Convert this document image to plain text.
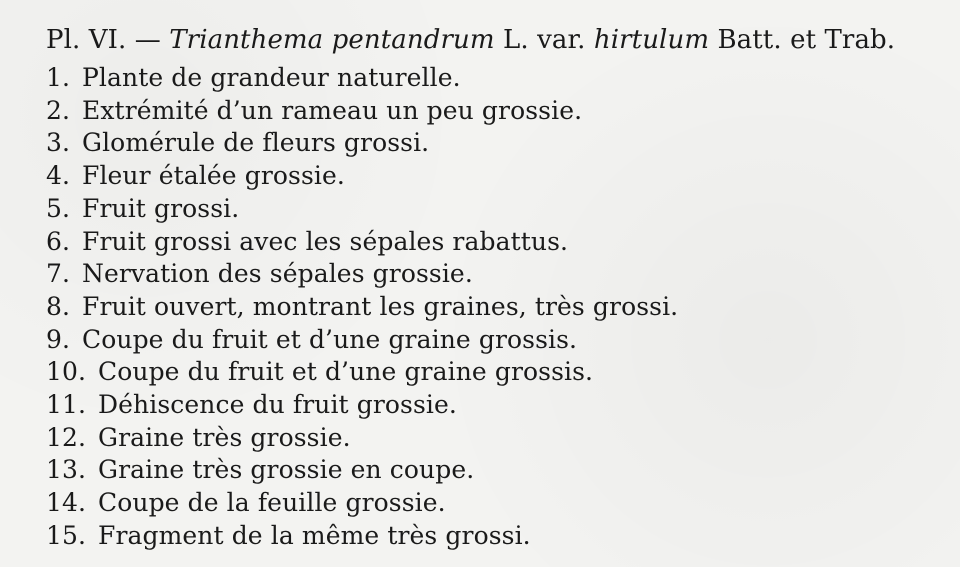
Pl. VI. — Trianthema pentandrum L. var. hirtulum Batt. et Trab.
1. Plante de grandeur naturelle.
2. Extrémité d’un rameau un peu grossie.
3. Glomérule de fleurs grossi.
4. Fleur étalée grossie.
5. Fruit grossi.
6. Fruit grossi avec les sépales rabattus.
7. Nervation des sépales grossie.
8. Fruit ouvert, montrant les graines, très grossi.
9. Coupe du fruit et d’une graine grossis.
10. Coupe du fruit et d’une graine grossis.
11. Déhiscence du fruit grossie.
12. Graine très grossie.
13. Graine très grossie en coupe.
14. Coupe de la feuille grossie.
15. Fragment de la même très grossi.
